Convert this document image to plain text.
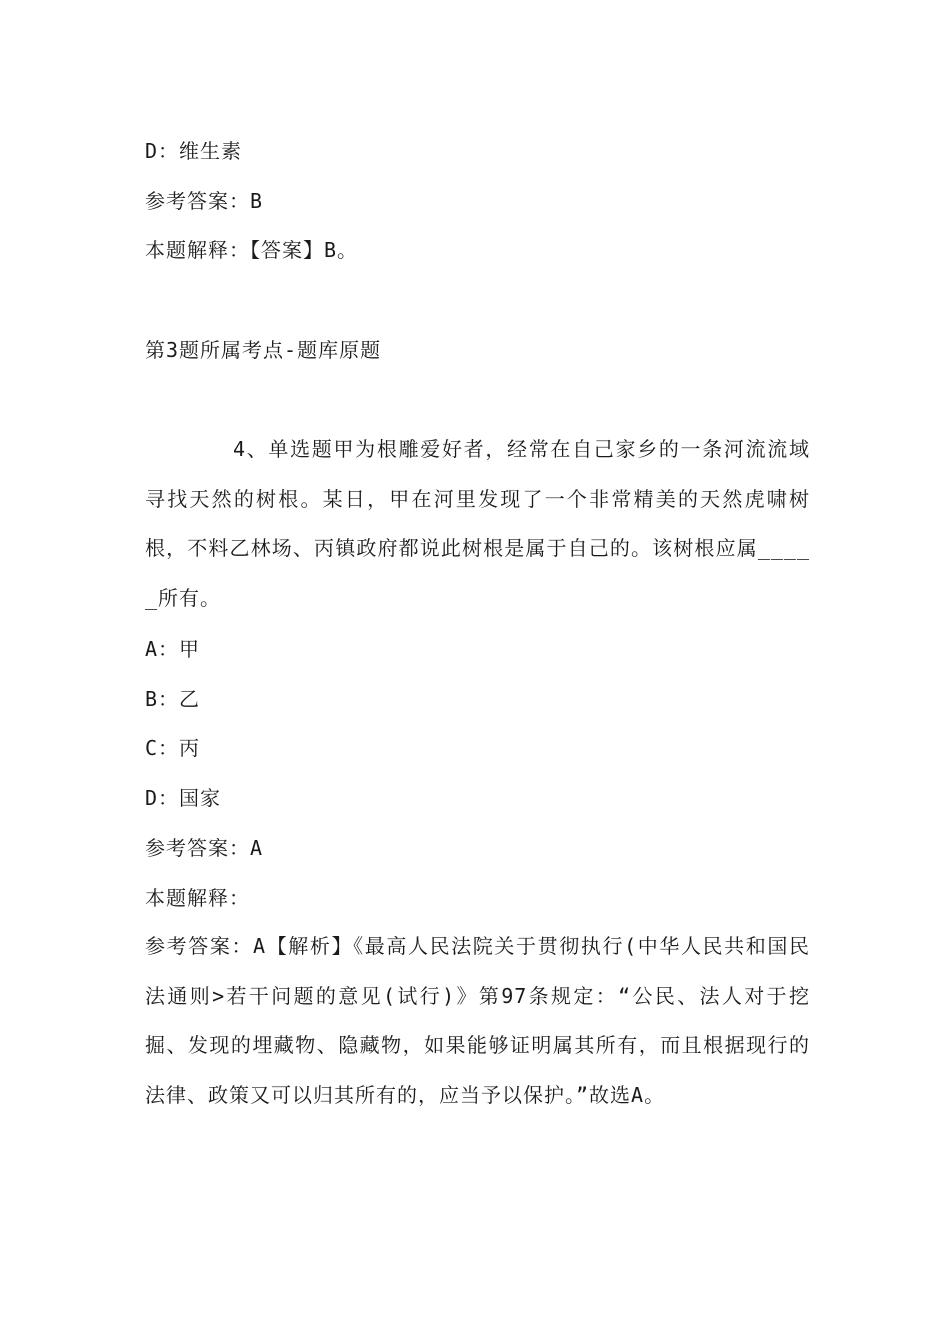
D：维生素
参考答案：B
本题解释：【答案】B。
第3题所属考点-题库原题
4、单选题甲为根雕爱好者，经常在自己家乡的一条河流流域寻找天然的树根。某日，甲在河里发现了一个非常精美的天然虎啸树根，不料乙林场、丙镇政府都说此树根是属于自己的。该树根应属_____所有。
A：甲
B：乙
C：丙
D：国家
参考答案：A
本题解释：
参考答案：A【解析】《最高人民法院关于贯彻执行(中华人民共和国民法通则>若干问题的意见(试行)》第97条规定：“公民、法人对于挖掘、发现的埋藏物、隐藏物，如果能够证明属其所有，而且根据现行的法律、政策又可以归其所有的，应当予以保护。”故选A。
